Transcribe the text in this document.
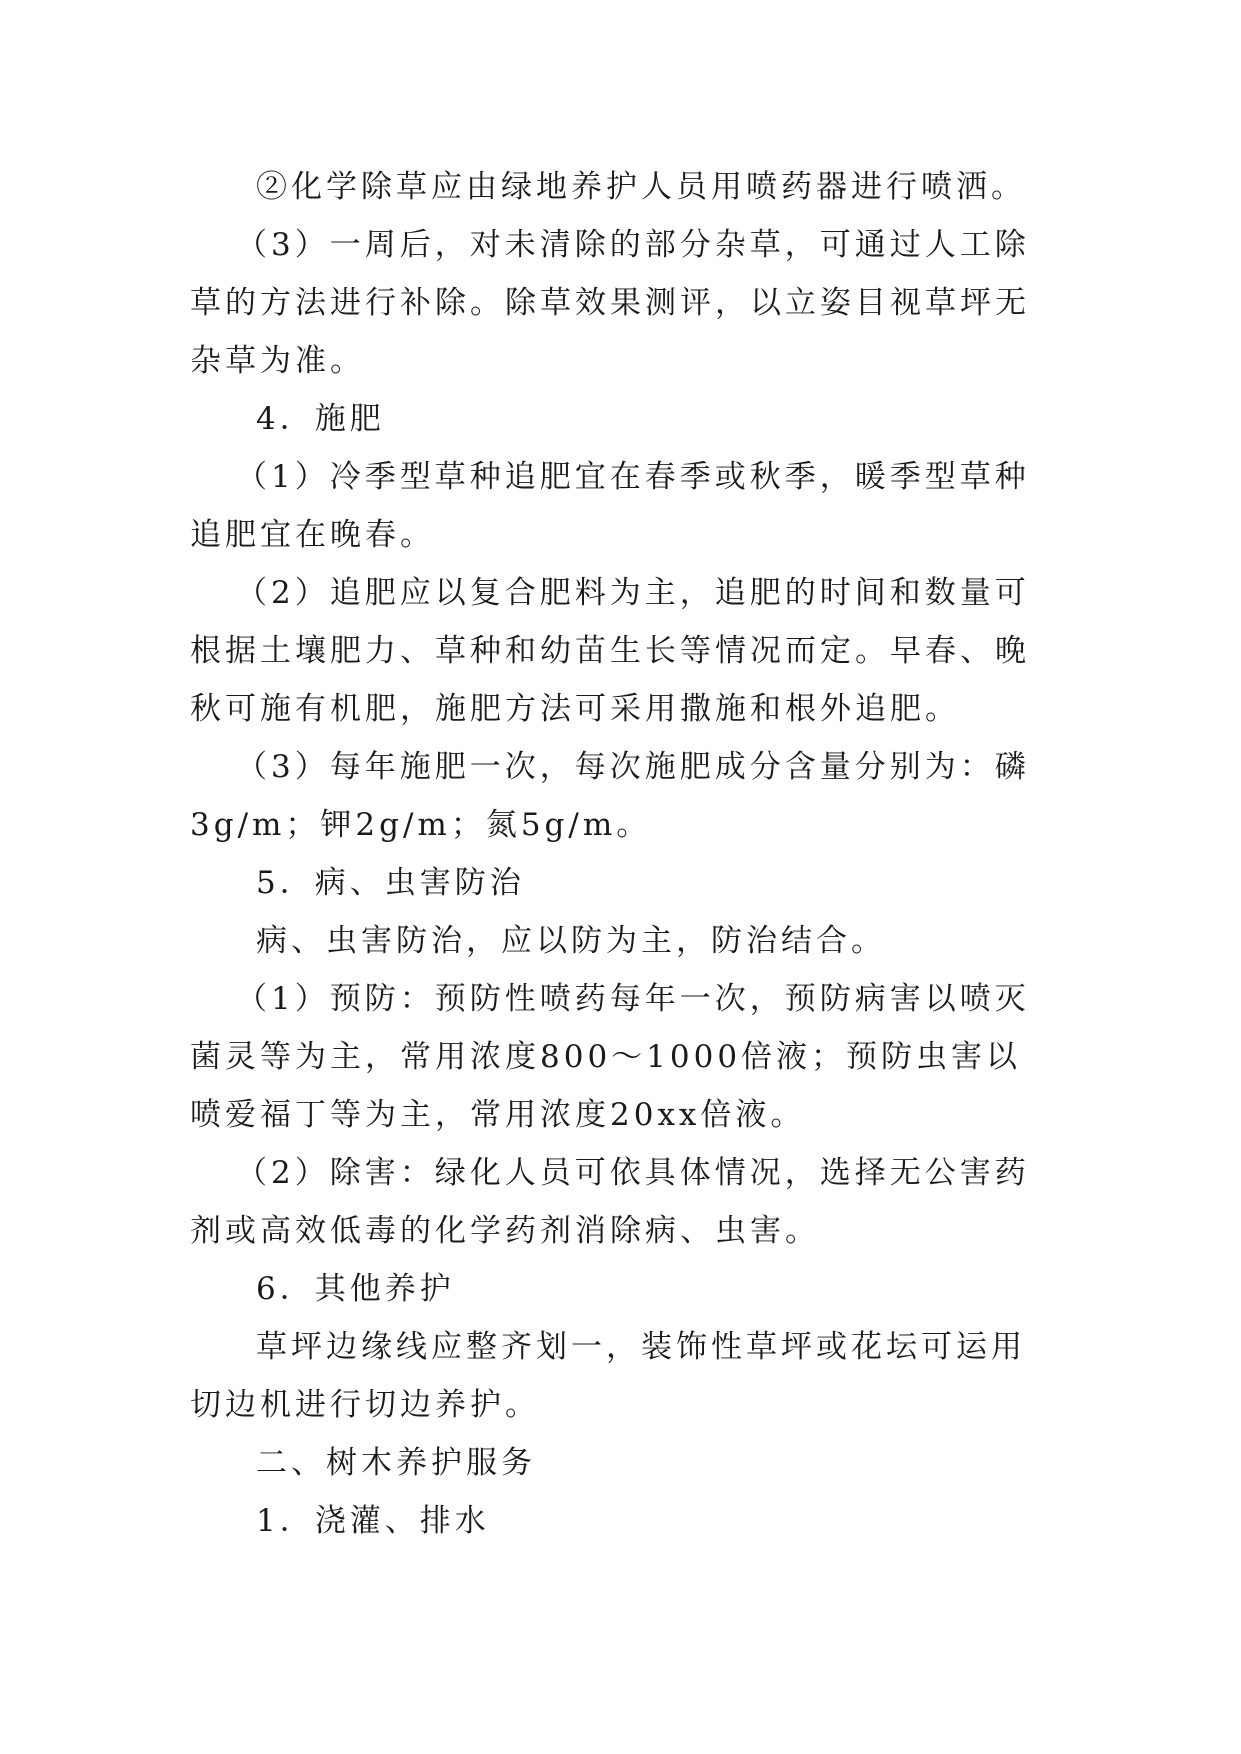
②化学除草应由绿地养护人员用喷药器进行喷洒。

（3）一周后，对未清除的部分杂草，可通过人工除草的方法进行补除。除草效果测评，以立姿目视草坪无杂草为准。

4．施肥

（1）冷季型草种追肥宜在春季或秋季，暖季型草种追肥宜在晚春。

（2）追肥应以复合肥料为主，追肥的时间和数量可根据土壤肥力、草种和幼苗生长等情况而定。早春、晚秋可施有机肥，施肥方法可采用撒施和根外追肥。

（3）每年施肥一次，每次施肥成分含量分别为：磷3g/m；钾2g/m；氮5g/m。

5．病、虫害防治

病、虫害防治，应以防为主，防治结合。

（1）预防：预防性喷药每年一次，预防病害以喷灭菌灵等为主，常用浓度800～1000倍液；预防虫害以喷爱福丁等为主，常用浓度20xx倍液。

（2）除害：绿化人员可依具体情况，选择无公害药剂或高效低毒的化学药剂消除病、虫害。

6．其他养护

草坪边缘线应整齐划一，装饰性草坪或花坛可运用切边机进行切边养护。

二、树木养护服务

1．浇灌、排水
